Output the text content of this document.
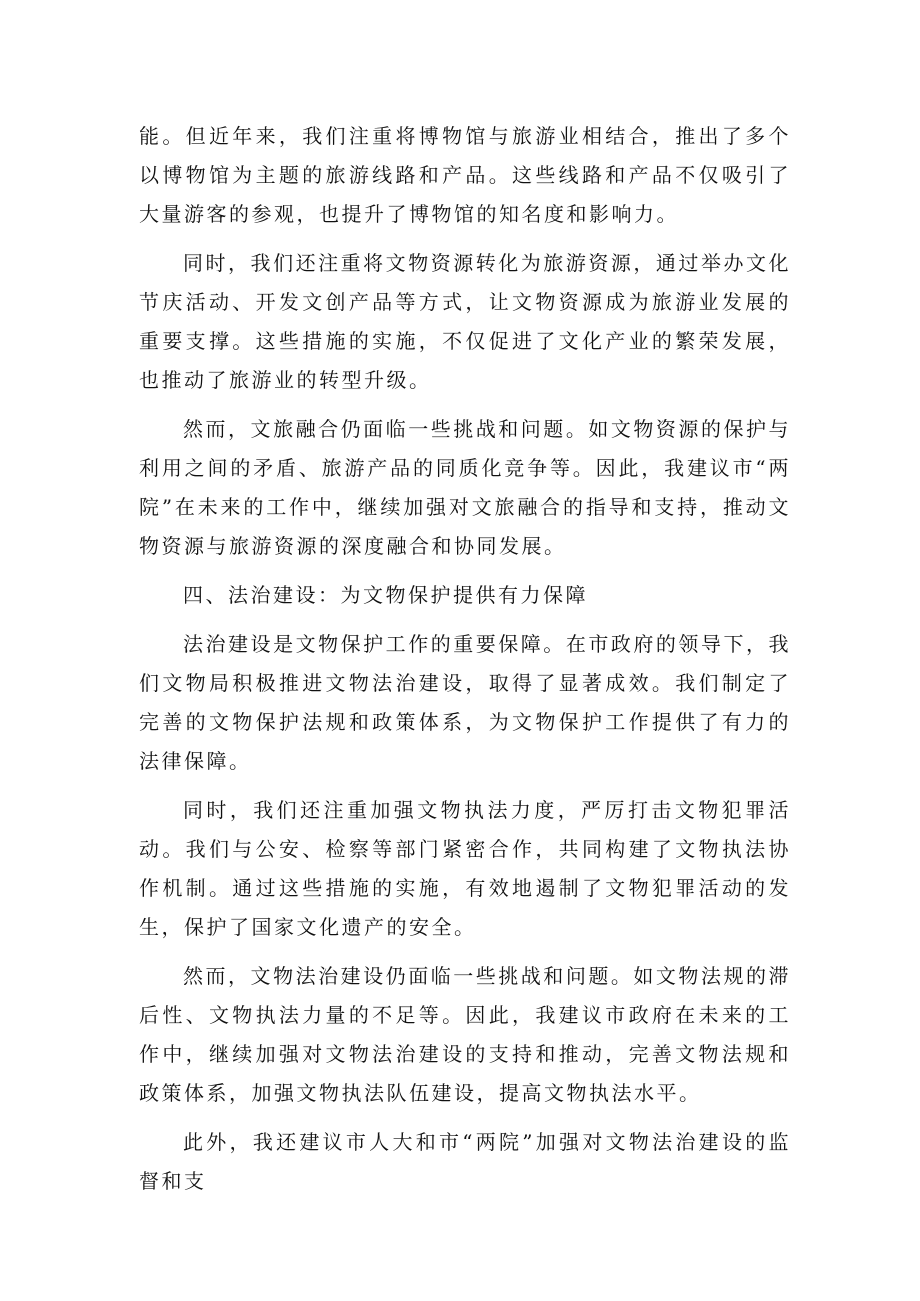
能。但近年来，我们注重将博物馆与旅游业相结合，推出了多个以博物馆为主题的旅游线路和产品。这些线路和产品不仅吸引了大量游客的参观，也提升了博物馆的知名度和影响力。

同时，我们还注重将文物资源转化为旅游资源，通过举办文化节庆活动、开发文创产品等方式，让文物资源成为旅游业发展的重要支撑。这些措施的实施，不仅促进了文化产业的繁荣发展，也推动了旅游业的转型升级。

然而，文旅融合仍面临一些挑战和问题。如文物资源的保护与利用之间的矛盾、旅游产品的同质化竞争等。因此，我建议市“两院”在未来的工作中，继续加强对文旅融合的指导和支持，推动文物资源与旅游资源的深度融合和协同发展。

四、法治建设：为文物保护提供有力保障

法治建设是文物保护工作的重要保障。在市政府的领导下，我们文物局积极推进文物法治建设，取得了显著成效。我们制定了完善的文物保护法规和政策体系，为文物保护工作提供了有力的法律保障。

同时，我们还注重加强文物执法力度，严厉打击文物犯罪活动。我们与公安、检察等部门紧密合作，共同构建了文物执法协作机制。通过这些措施的实施，有效地遏制了文物犯罪活动的发生，保护了国家文化遗产的安全。

然而，文物法治建设仍面临一些挑战和问题。如文物法规的滞后性、文物执法力量的不足等。因此，我建议市政府在未来的工作中，继续加强对文物法治建设的支持和推动，完善文物法规和政策体系，加强文物执法队伍建设，提高文物执法水平。

此外，我还建议市人大和市“两院”加强对文物法治建设的监督和支
